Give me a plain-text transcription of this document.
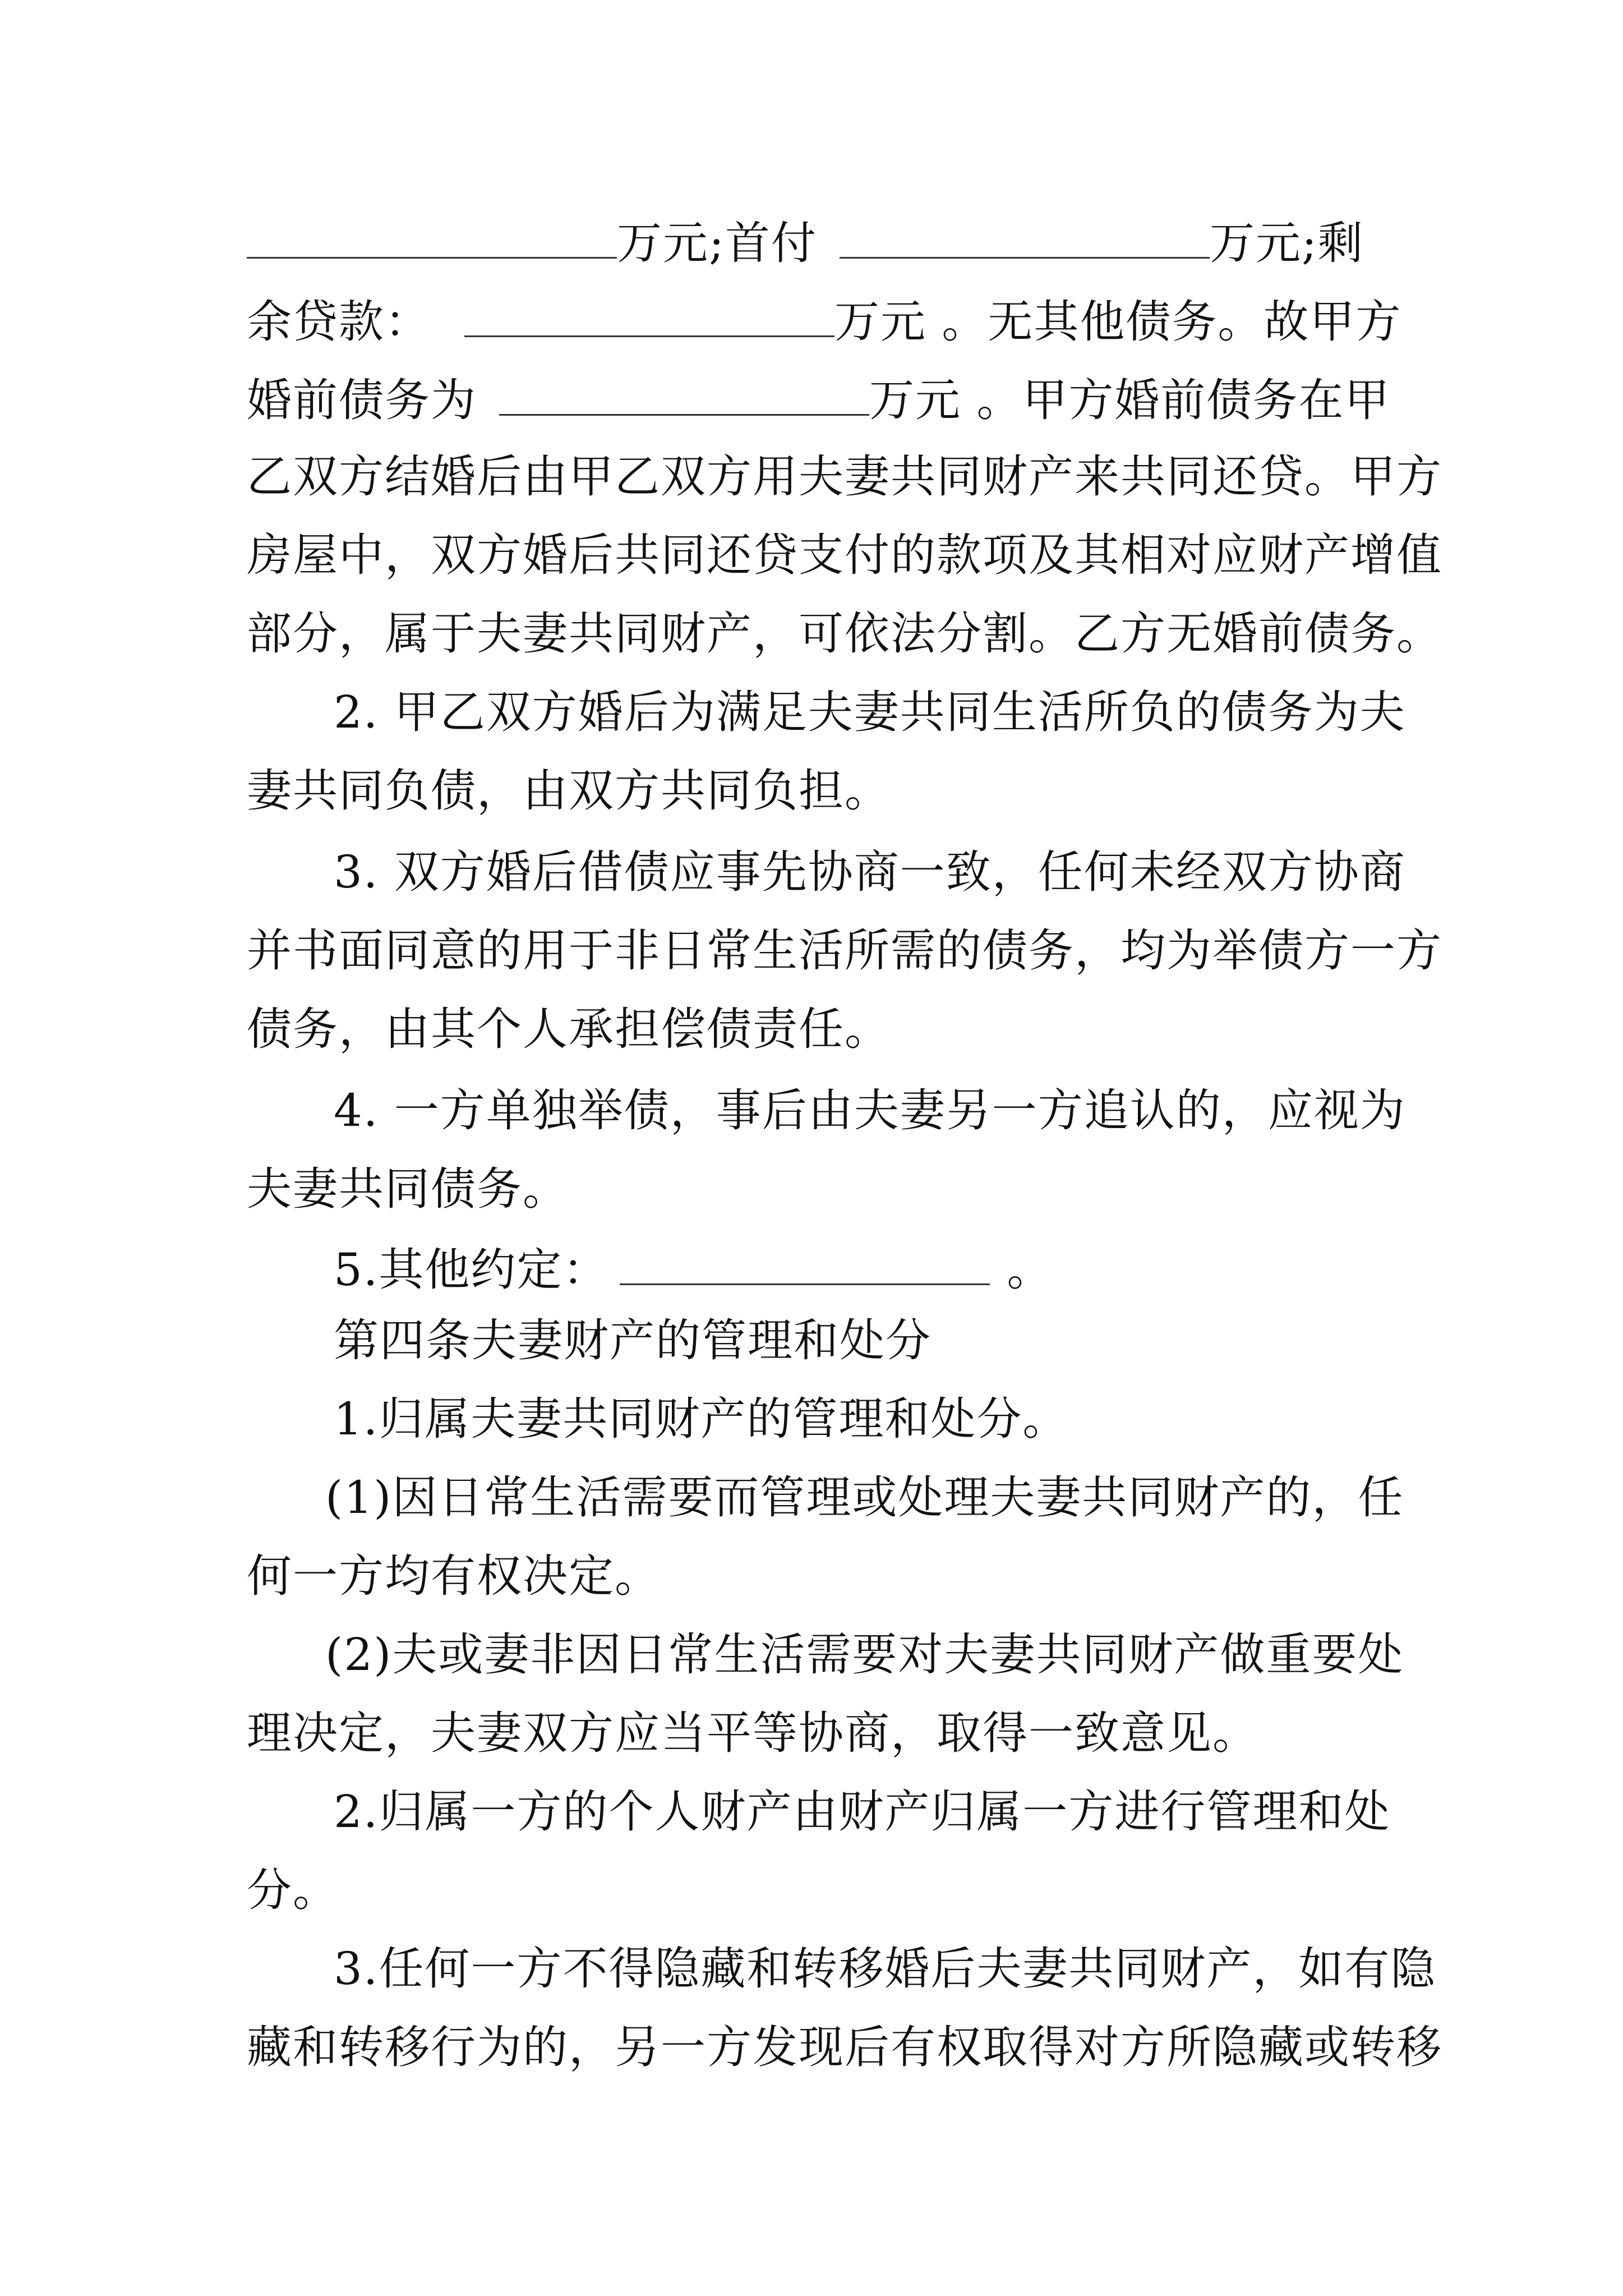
万元;首付	万元;剩
余贷款：	万元 。无其他债务。故甲方
婚前债务为	万元 。甲方婚前债务在甲
乙双方结婚后由甲乙双方用夫妻共同财产来共同还贷。甲方
房屋中，双方婚后共同还贷支付的款项及其相对应财产增值
部分，属于夫妻共同财产，可依法分割。乙方无婚前债务。
2. 甲乙双方婚后为满足夫妻共同生活所负的债务为夫
妻共同负债，由双方共同负担。
3. 双方婚后借债应事先协商一致，任何未经双方协商
并书面同意的用于非日常生活所需的债务，均为举债方一方
债务，由其个人承担偿债责任。
4. 一方单独举债，事后由夫妻另一方追认的，应视为
夫妻共同债务。
5.其他约定：	。
第四条夫妻财产的管理和处分
1.归属夫妻共同财产的管理和处分。
(1)因日常生活需要而管理或处理夫妻共同财产的，任
何一方均有权决定。
(2)夫或妻非因日常生活需要对夫妻共同财产做重要处
理决定，夫妻双方应当平等协商，取得一致意见。
2.归属一方的个人财产由财产归属一方进行管理和处
分。
3.任何一方不得隐藏和转移婚后夫妻共同财产，如有隐
藏和转移行为的，另一方发现后有权取得对方所隐藏或转移
